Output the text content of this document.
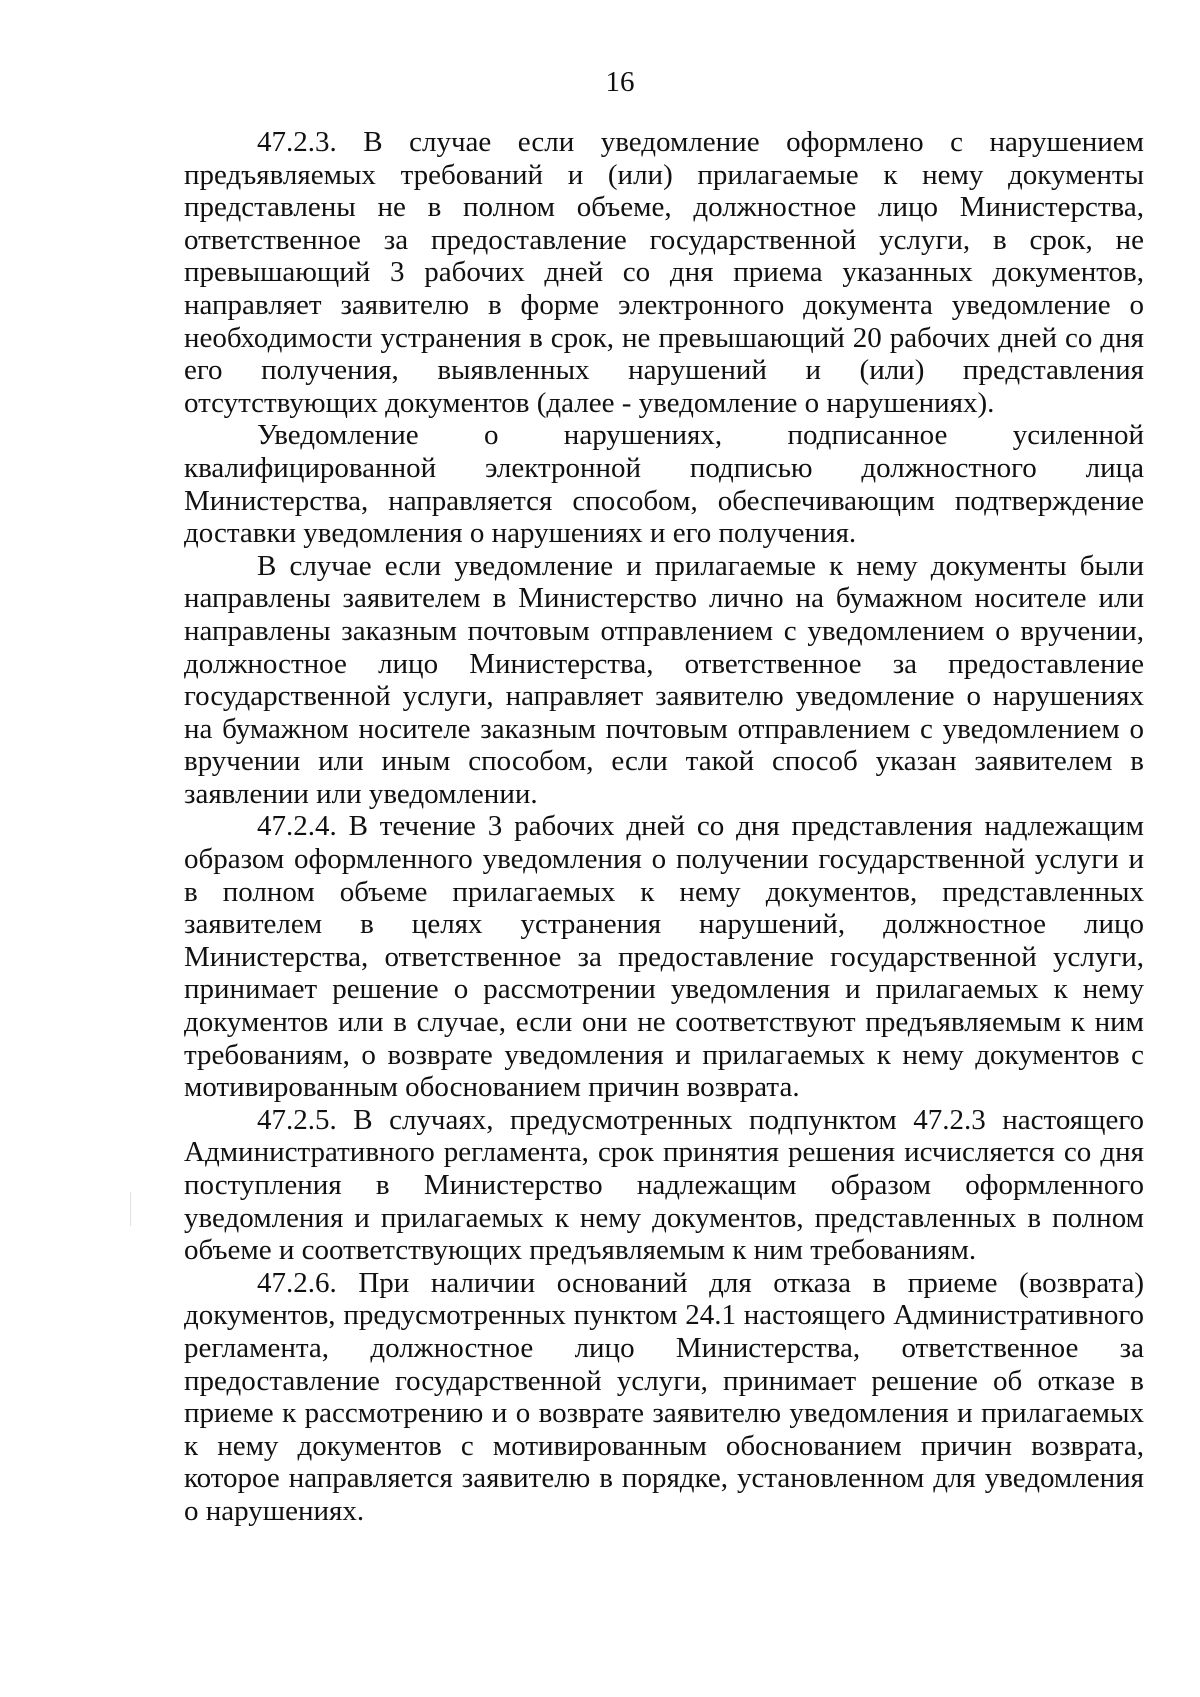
16

47.2.3. В случае если уведомление оформлено с нарушением предъявляемых требований и (или) прилагаемые к нему документы представлены не в полном объеме, должностное лицо Министерства, ответственное за предоставление государственной услуги, в срок, не превышающий 3 рабочих дней со дня приема указанных документов, направляет заявителю в форме электронного документа уведомление о необходимости устранения в срок, не превышающий 20 рабочих дней со дня его получения, выявленных нарушений и (или) представления отсутствующих документов (далее - уведомление о нарушениях).

Уведомление о нарушениях, подписанное усиленной квалифицированной электронной подписью должностного лица Министерства, направляется способом, обеспечивающим подтверждение доставки уведомления о нарушениях и его получения.

В случае если уведомление и прилагаемые к нему документы были направлены заявителем в Министерство лично на бумажном носителе или направлены заказным почтовым отправлением с уведомлением о вручении, должностное лицо Министерства, ответственное за предоставление государственной услуги, направляет заявителю уведомление о нарушениях на бумажном носителе заказным почтовым отправлением с уведомлением о вручении или иным способом, если такой способ указан заявителем в заявлении или уведомлении.

47.2.4. В течение 3 рабочих дней со дня представления надлежащим образом оформленного уведомления о получении государственной услуги и в полном объеме прилагаемых к нему документов, представленных заявителем в целях устранения нарушений, должностное лицо Министерства, ответственное за предоставление государственной услуги, принимает решение о рассмотрении уведомления и прилагаемых к нему документов или в случае, если они не соответствуют предъявляемым к ним требованиям, о возврате уведомления и прилагаемых к нему документов с мотивированным обоснованием причин возврата.

47.2.5. В случаях, предусмотренных подпунктом 47.2.3 настоящего Административного регламента, срок принятия решения исчисляется со дня поступления в Министерство надлежащим образом оформленного уведомления и прилагаемых к нему документов, представленных в полном объеме и соответствующих предъявляемым к ним требованиям.

47.2.6. При наличии оснований для отказа в приеме (возврата) документов, предусмотренных пунктом 24.1 настоящего Административного регламента, должностное лицо Министерства, ответственное за предоставление государственной услуги, принимает решение об отказе в приеме к рассмотрению и о возврате заявителю уведомления и прилагаемых к нему документов с мотивированным обоснованием причин возврата, которое направляется заявителю в порядке, установленном для уведомления о нарушениях.
